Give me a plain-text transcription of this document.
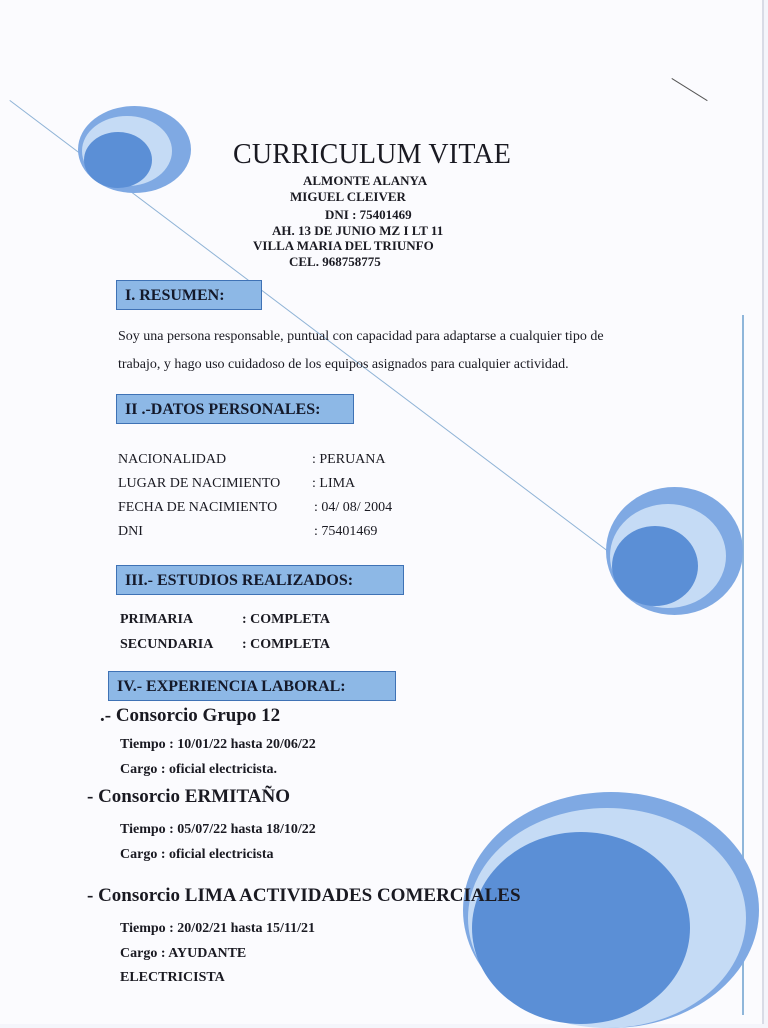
CURRICULUM VITAE
ALMONTE ALANYA
MIGUEL CLEIVER
DNI : 75401469
AH. 13 DE JUNIO MZ I LT 11
VILLA MARIA DEL TRIUNFO
CEL. 968758775
I. RESUMEN:
Soy una persona responsable, puntual con capacidad para adaptarse a cualquier tipo de
trabajo, y hago uso cuidadoso de los equipos asignados para cualquier actividad.
II .-DATOS PERSONALES:
NACIONALIDAD	: PERUANA
LUGAR DE NACIMIENTO : LIMA
FECHA DE NACIMIENTO	: 04/ 08/ 2004
DNI	: 75401469
III.- ESTUDIOS REALIZADOS:
PRIMARIA	: COMPLETA
SECUNDARIA : COMPLETA
IV.- EXPERIENCIA LABORAL:
.- Consorcio Grupo 12
Tiempo : 10/01/22 hasta 20/06/22
Cargo : oficial electricista.
- Consorcio ERMITAÑO
Tiempo : 05/07/22 hasta 18/10/22
Cargo : oficial electricista
- Consorcio LIMA ACTIVIDADES COMERCIALES
Tiempo : 20/02/21 hasta 15/11/21
Cargo : AYUDANTE
ELECTRICISTA
